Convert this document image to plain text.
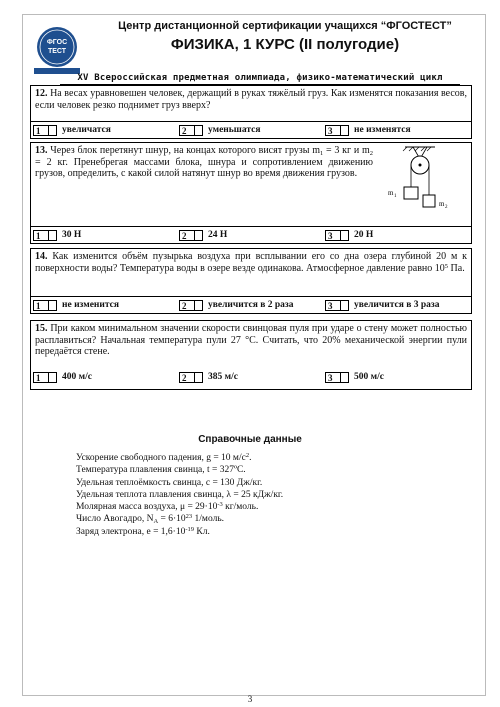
ФГОС
ТЕСТ
Центр дистанционной сертификации учащихся “ФГОСТЕСТ”
ФИЗИКА, 1 КУРС (II полугодие)
XV Всероссийская предметная олимпиада, физико-математический цикл
12. На весах уравновешен человек, держащий в руках тяжёлый груз. Как изменятся показания весов, если человек резко поднимет груз вверх?
1	увеличатся	2	уменьшатся	3	не изменятся
13. Через блок перетянут шнур, на концах которого висят грузы $m_1 = 3$ кг и $m_2 = 2$ кг. Пренебрегая массами блока, шнура и сопротивлением движению грузов, определить, с какой силой натянут шнур во время движения грузов.
m 1
m 2
1	30 Н	2	24 Н	3	20 Н
14. Как изменится объём пузырька воздуха при всплывании его со дна озера глубиной 20 м к поверхности воды? Температура воды в озере везде одинакова. Атмосферное давление равно $10^5$ Па.
1	не изменится	2	увеличится в 2 раза	3	увеличится в 3 раза
15. При каком минимальном значении скорости свинцовая пуля при ударе о стену может полностью расплавиться? Начальная температура пули 27 °С. Считать, что 20% механической энергии пули передаётся стене.
1	400 м/с	2	385 м/с	3	500 м/с
Справочные данные
Ускорение свободного падения, g = 10 $м/с^2$.
Температура плавления свинца, t = 327ºС.
Удельная теплоёмкость свинца, с = 130 Дж/кг.
Удельная теплота плавления свинца, λ = 25 кДж/кг.
Молярная масса воздуха, $\mu = 29\cdot 10^{-3}$ кг/моль.
Число Авогадро, $N_A = 6\cdot 10^{23}$ 1/моль.
Заряд электрона, $е = 1,6\cdot 10^{-19}$ Кл.
3
